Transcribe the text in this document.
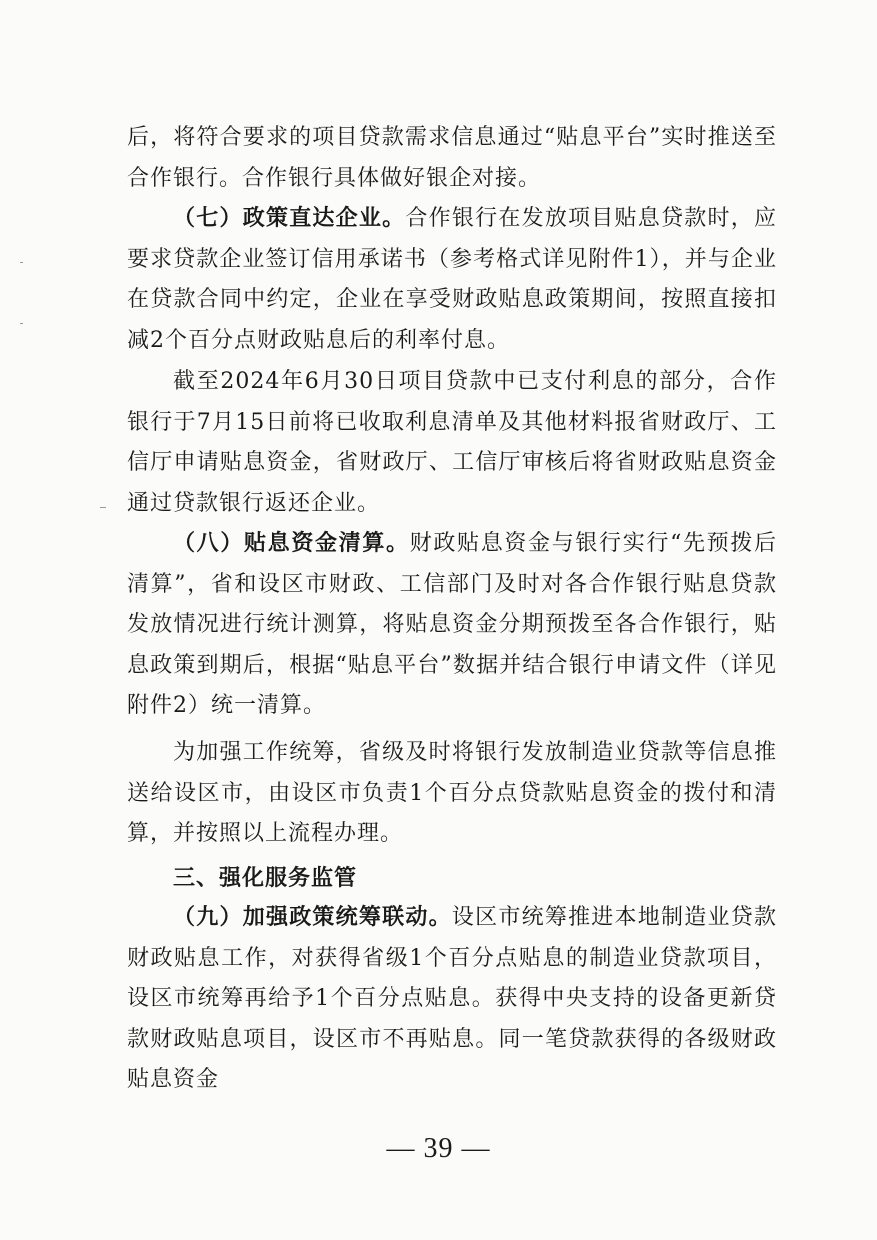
后，将符合要求的项目贷款需求信息通过“贴息平台”实时推送至合作银行。合作银行具体做好银企对接。

（七）政策直达企业。合作银行在发放项目贴息贷款时，应要求贷款企业签订信用承诺书（参考格式详见附件1），并与企业在贷款合同中约定，企业在享受财政贴息政策期间，按照直接扣减2个百分点财政贴息后的利率付息。

截至2024年6月30日项目贷款中已支付利息的部分，合作银行于7月15日前将已收取利息清单及其他材料报省财政厅、工信厅申请贴息资金，省财政厅、工信厅审核后将省财政贴息资金通过贷款银行返还企业。

（八）贴息资金清算。财政贴息资金与银行实行“先预拨后清算”，省和设区市财政、工信部门及时对各合作银行贴息贷款发放情况进行统计测算，将贴息资金分期预拨至各合作银行，贴息政策到期后，根据“贴息平台”数据并结合银行申请文件（详见附件2）统一清算。

为加强工作统筹，省级及时将银行发放制造业贷款等信息推送给设区市，由设区市负责1个百分点贷款贴息资金的拨付和清算，并按照以上流程办理。

三、强化服务监管

（九）加强政策统筹联动。设区市统筹推进本地制造业贷款财政贴息工作，对获得省级1个百分点贴息的制造业贷款项目，设区市统筹再给予1个百分点贴息。获得中央支持的设备更新贷款财政贴息项目，设区市不再贴息。同一笔贷款获得的各级财政贴息资金

— 39 —
